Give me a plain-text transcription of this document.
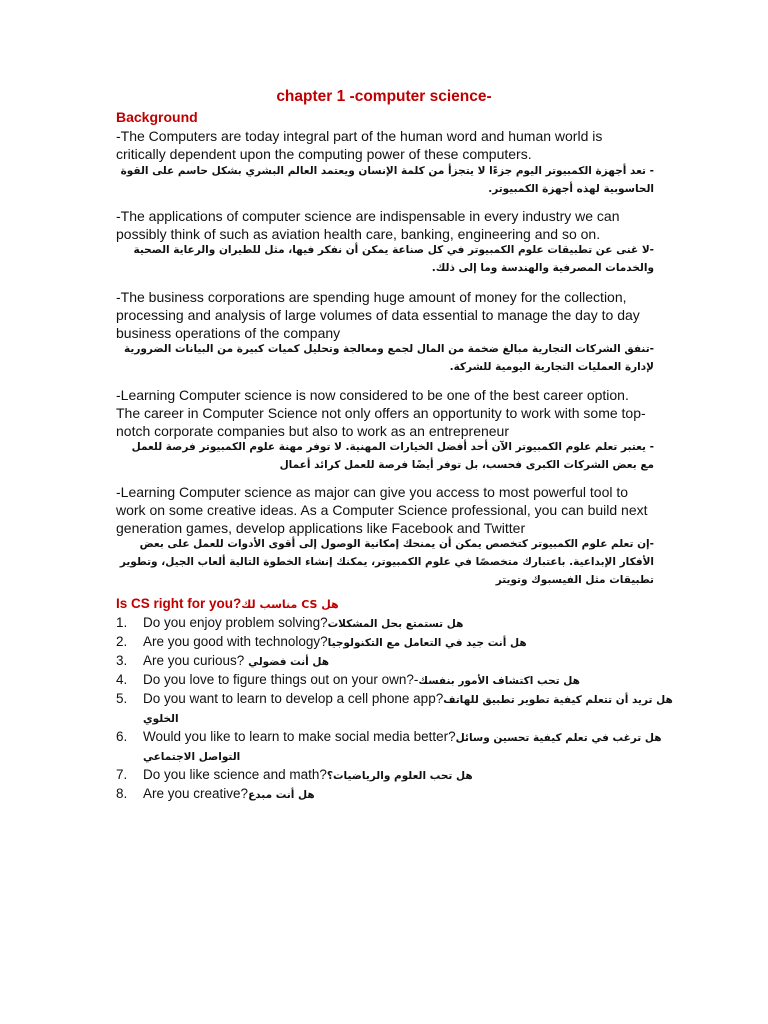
chapter 1 -computer science-
Background
-The Computers are today integral part of the human word and human world is critically dependent upon the computing power of these computers.
- تعد أجهزة الكمبيوتر اليوم جزءًا لا يتجزأ من كلمة الإنسان ويعتمد العالم البشري بشكل حاسم على القوة الحاسوبية لهذه أجهزة الكمبيوتر.
-The applications of computer science are indispensable in every industry we can possibly think of such as aviation health care, banking, engineering and so on.
-لا غنى عن تطبيقات علوم الكمبيوتر في كل صناعة يمكن أن نفكر فيها، مثل للطيران والرعاية الصحية والخدمات المصرفية والهندسة وما إلى ذلك.
-The business corporations are spending huge amount of money for the collection, processing and analysis of large volumes of data essential to manage the day to day business operations of the company
-تنفق الشركات التجارية مبالغ ضخمة من المال لجمع ومعالجة وتحليل كميات كبيرة من البيانات الضرورية لإدارة العمليات التجارية اليومية للشركة.
-Learning Computer science is now considered to be one of the best career option. The career in Computer Science not only offers an opportunity to work with some top-notch corporate companies but also to work as an entrepreneur
- يعتبر تعلم علوم الكمبيوتر الآن أحد أفضل الخيارات المهنية. لا توفر مهنة علوم الكمبيوتر فرصة للعمل مع بعض الشركات الكبرى فحسب، بل توفر أيضًا فرصة للعمل كرائد أعمال
-Learning Computer science as major can give you access to most powerful tool to work on some creative ideas. As a Computer Science professional, you can build next generation games, develop applications like Facebook and Twitter
-إن تعلم علوم الكمبيوتر كتخصص يمكن أن يمنحك إمكانية الوصول إلى أقوى الأدوات للعمل على بعض الأفكار الإبداعية. باعتبارك متخصصًا في علوم الكمبيوتر، يمكنك إنشاء الخطوة التالية ألعاب الجيل، وتطوير تطبيقات مثل الفيسبوك وتويتر
Is CS right for you?هل CS مناسب لك
1. Do you enjoy problem solving?هل تستمتع بحل المشكلات
2. Are you good with technology?هل أنت جيد في التعامل مع التكنولوجيا
3. Are you curious? هل أنت فضولي
4. Do you love to figure things out on your own?-هل تحب اكتشاف الأمور بنفسك
5. Do you want to learn to develop a cell phone app?هل تريد أن تتعلم كيفية تطوير تطبيق للهاتف الخلوي
6. Would you like to learn to make social media better?هل ترغب في تعلم كيفية تحسين وسائل التواصل الاجتماعي
7. Do you like science and math?هل تحب العلوم والرياضيات؟
8. Are you creative?هل أنت مبدع
